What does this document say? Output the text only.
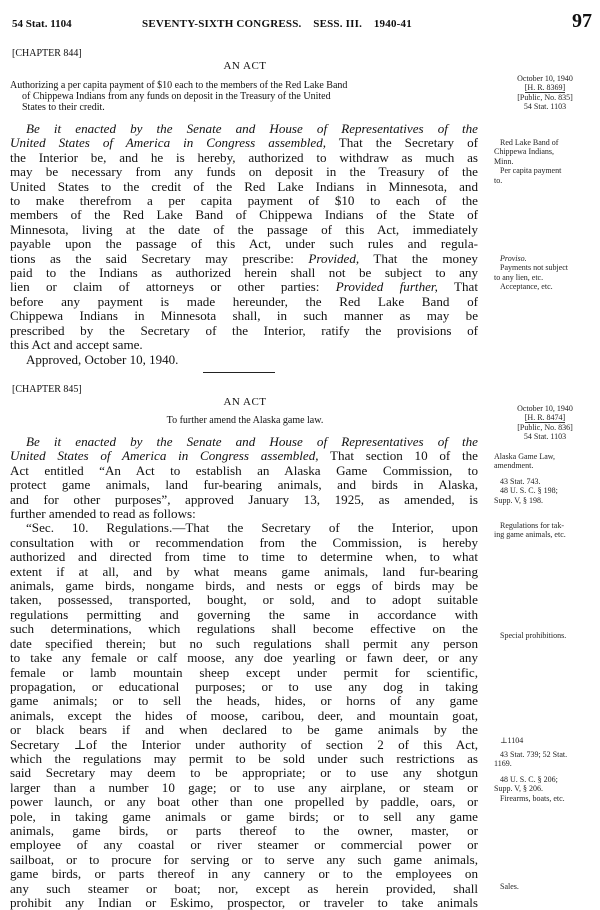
54 Stat. 1104	SEVENTY-SIXTH CONGRESS.    SESS. III.    1940-41	97
[CHAPTER 844]
AN ACT
Authorizing a per capita payment of $10 each to the members of the Red Lake Band
of Chippewa Indians from any funds on deposit in the Treasury of the United
States to their credit.
Be it enacted by the Senate and House of Representatives of the
United States of America in Congress assembled, That the Secretary of
the Interior be, and he is hereby, authorized to withdraw as much as
may be necessary from any funds on deposit in the Treasury of the
United States to the credit of the Red Lake Indians in Minnesota, and
to make therefrom a per capita payment of $10 to each of the
members of the Red Lake Band of Chippewa Indians of the State of
Minnesota, living at the date of the passage of this Act, immediately
payable upon the passage of this Act, under such rules and regula-
tions as the said Secretary may prescribe: Provided, That the money
paid to the Indians as authorized herein shall not be subject to any
lien or claim of attorneys or other parties: Provided further, That
before any payment is made hereunder, the Red Lake Band of
Chippewa Indians in Minnesota shall, in such manner as may be
prescribed by the Secretary of the Interior, ratify the provisions of
this Act and accept same.
Approved, October 10, 1940.
October 10, 1940
[H. R. 8369]
[Public, No. 835]
54 Stat. 1103
Red Lake Band of
Chippewa Indians,
Minn.
Per capita payment
to.
Proviso.
Payments not subject
to any lien, etc.
Acceptance, etc.
[CHAPTER 845]
AN ACT
To further amend the Alaska game law.
Be it enacted by the Senate and House of Representatives of the
United States of America in Congress assembled, That section 10 of the
Act entitled “An Act to establish an Alaska Game Commission, to
protect game animals, land fur-bearing animals, and birds in Alaska,
and for other purposes”, approved January 13, 1925, as amended, is
further amended to read as follows:
“Sec. 10. Regulations.—That the Secretary of the Interior, upon
consultation with or recommendation from the Commission, is hereby
authorized and directed from time to time to determine when, to what
extent if at all, and by what means game animals, land fur-bearing
animals, game birds, nongame birds, and nests or eggs of birds may be
taken, possessed, transported, bought, or sold, and to adopt suitable
regulations permitting and governing the same in accordance with
such determinations, which regulations shall become effective on the
date specified therein; but no such regulations shall permit any person
to take any female or calf moose, any doe yearling or fawn deer, or any
female or lamb mountain sheep except under permit for scientific,
propagation, or educational purposes; or to use any dog in taking
game animals; or to sell the heads, hides, or horns of any game
animals, except the hides of moose, caribou, deer, and mountain goat,
or black bears if and when declared to be game animals by the
Secretary ⊥of the Interior under authority of section 2 of this Act,
which the regulations may permit to be sold under such restrictions as
said Secretary may deem to be appropriate; or to use any shotgun
larger than a number 10 gage; or to use any airplane, or steam or
power launch, or any boat other than one propelled by paddle, oars, or
pole, in taking game animals or game birds; or to sell any game
animals, game birds, or parts thereof to the owner, master, or
employee of any coastal or river steamer or commercial power or
sailboat, or to procure for serving or to serve any such game animals,
game birds, or parts thereof in any cannery or to the employees on
any such steamer or boat; nor, except as herein provided, shall
prohibit any Indian or Eskimo, prospector, or traveler to take animals
October 10, 1940
[H. R. 8474]
[Public, No. 836]
54 Stat. 1103
Alaska Game Law,
amendment.
43 Stat. 743.
48 U. S. C. § 198;
Supp. V, § 198.
Regulations for tak-
ing game animals, etc.
Special prohibitions.
⊥1104
43 Stat. 739; 52 Stat.
1169.
48 U. S. C. § 206;
Supp. V, § 206.
Firearms, boats, etc.
Sales.
